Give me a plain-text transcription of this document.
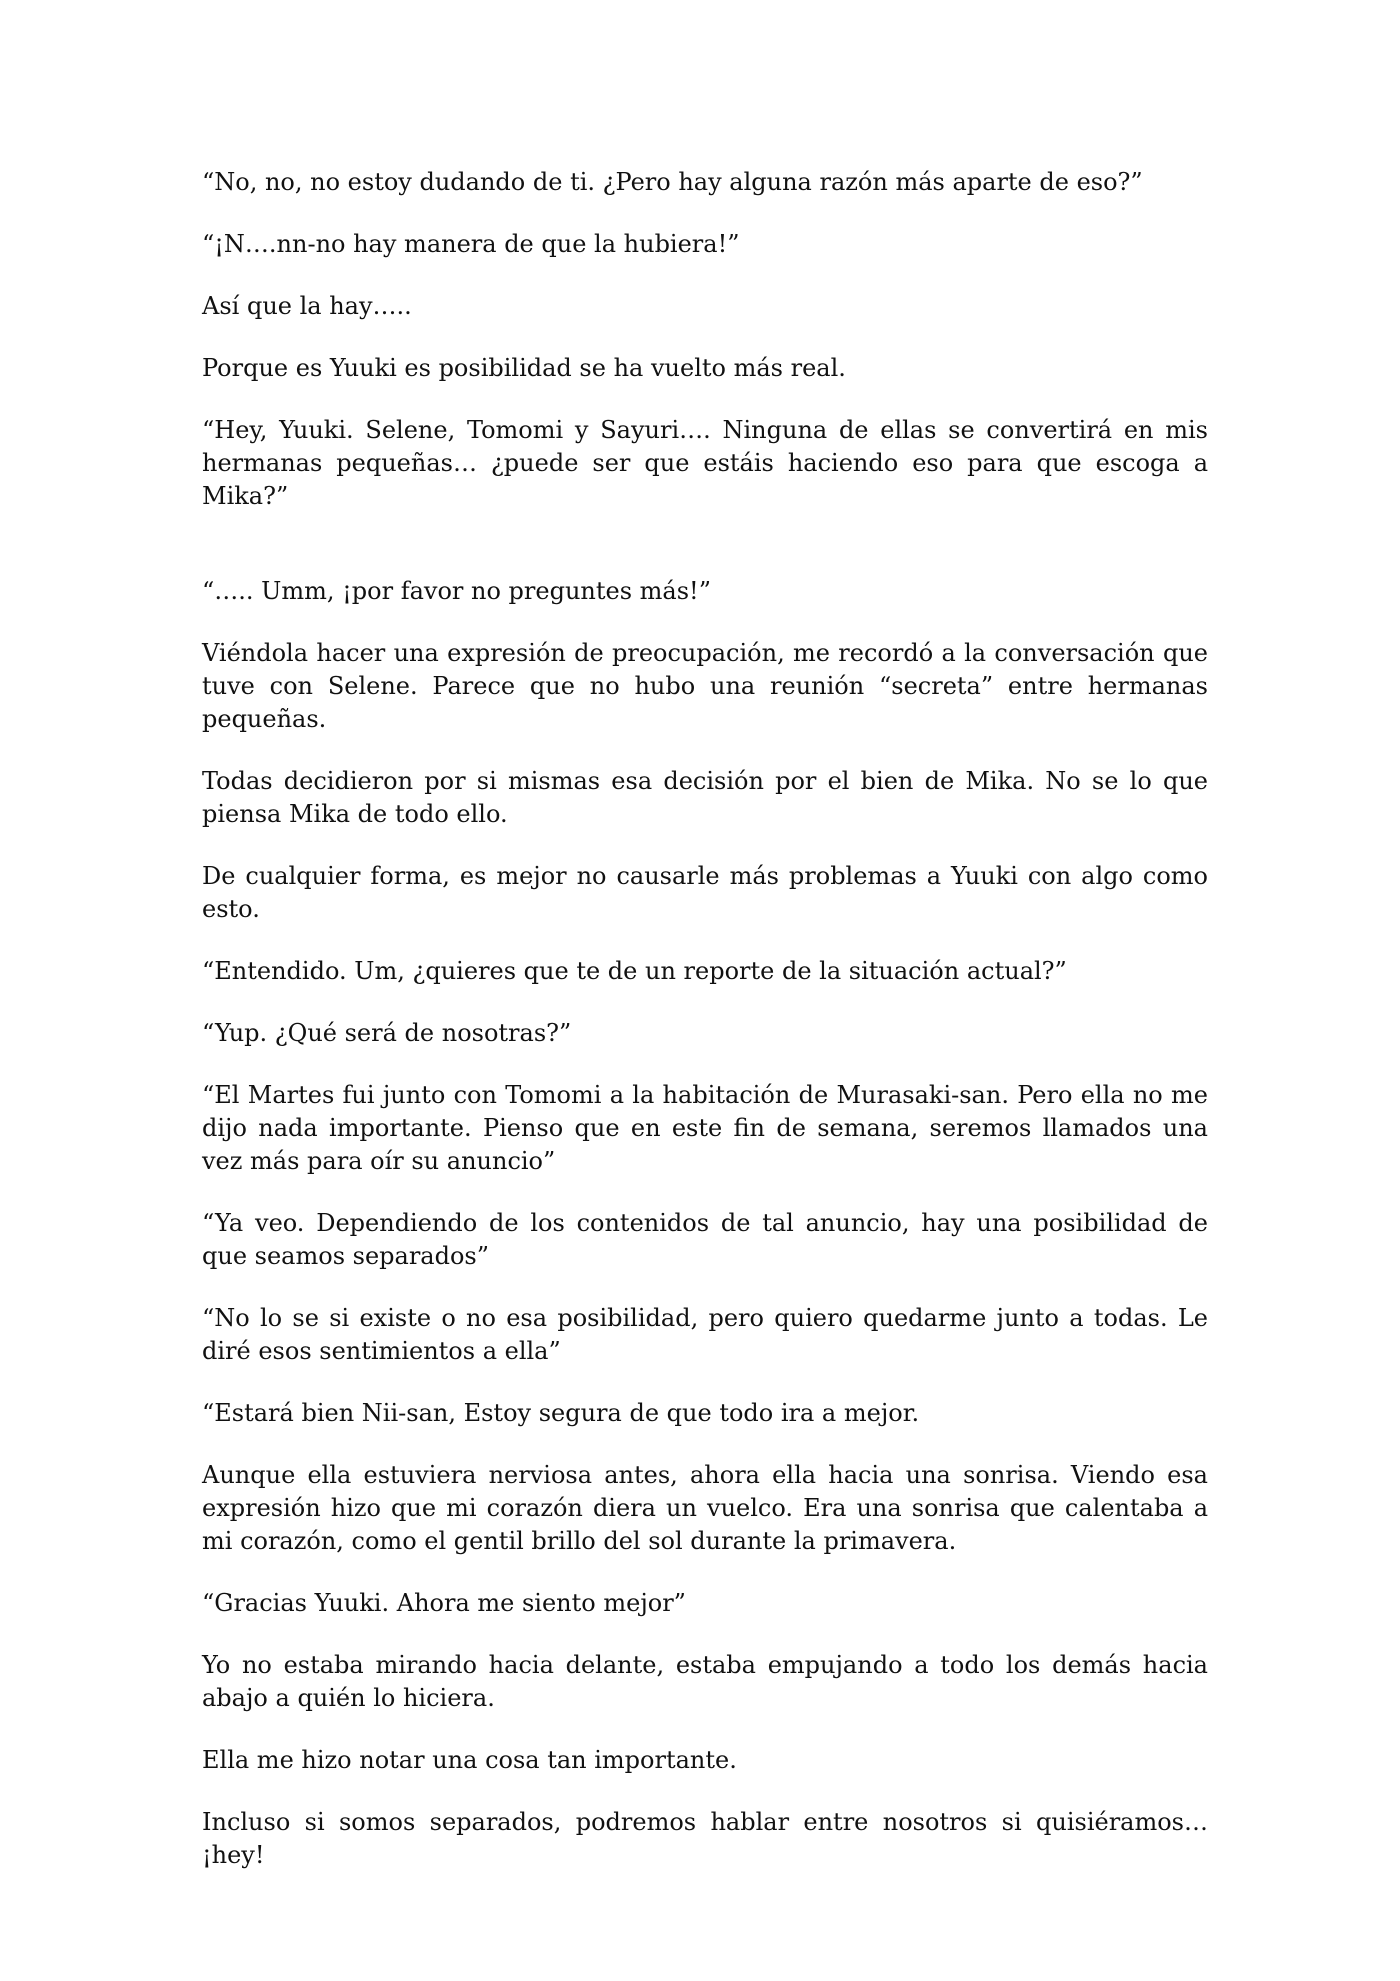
“No, no, no estoy dudando de ti. ¿Pero hay alguna razón más aparte de eso?”

“¡N….nn-no hay manera de que la hubiera!”

Así que la hay…..

Porque es Yuuki es posibilidad se ha vuelto más real.

“Hey, Yuuki. Selene, Tomomi y Sayuri…. Ninguna de ellas se convertirá en mis hermanas pequeñas… ¿puede ser que estáis haciendo eso para que escoga a Mika?”

“….. Umm, ¡por favor no preguntes más!”

Viéndola hacer una expresión de preocupación, me recordó a la conversación que tuve con Selene. Parece que no hubo una reunión “secreta” entre hermanas pequeñas.

Todas decidieron por si mismas esa decisión por el bien de Mika. No se lo que piensa Mika de todo ello.

De cualquier forma, es mejor no causarle más problemas a Yuuki con algo como esto.

“Entendido. Um, ¿quieres que te de un reporte de la situación actual?”

“Yup. ¿Qué será de nosotras?”

“El Martes fui junto con Tomomi a la habitación de Murasaki-san. Pero ella no me dijo nada importante. Pienso que en este fin de semana, seremos llamados una vez más para oír su anuncio”

“Ya veo. Dependiendo de los contenidos de tal anuncio, hay una posibilidad de que seamos separados”

“No lo se si existe o no esa posibilidad, pero quiero quedarme junto a todas. Le diré esos sentimientos a ella”

“Estará bien Nii-san, Estoy segura de que todo ira a mejor.

Aunque ella estuviera nerviosa antes, ahora ella hacia una sonrisa. Viendo esa expresión hizo que mi corazón diera un vuelco. Era una sonrisa que calentaba a mi corazón, como el gentil brillo del sol durante la primavera.

“Gracias Yuuki. Ahora me siento mejor”

Yo no estaba mirando hacia delante, estaba empujando a todo los demás hacia abajo a quién lo hiciera.

Ella me hizo notar una cosa tan importante.

Incluso si somos separados, podremos hablar entre nosotros si quisiéramos… ¡hey!
